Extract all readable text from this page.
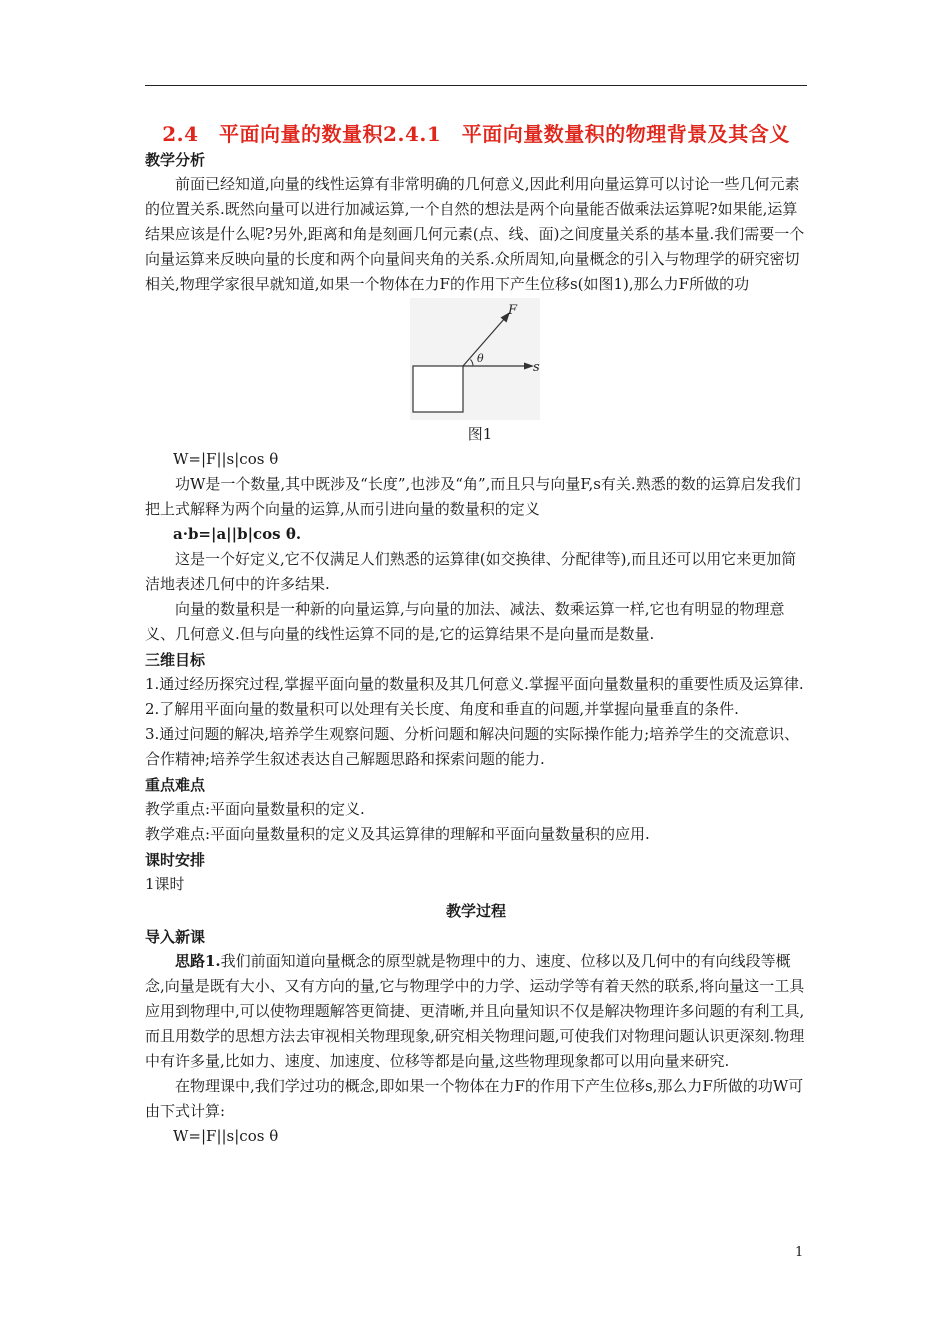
2.4　平面向量的数量积2.4.1　平面向量数量积的物理背景及其含义
教学分析

前面已经知道,向量的线性运算有非常明确的几何意义,因此利用向量运算可以讨论一些几何元素的位置关系.既然向量可以进行加减运算,一个自然的想法是两个向量能否做乘法运算呢?如果能,运算结果应该是什么呢?另外,距离和角是刻画几何元素(点、线、面)之间度量关系的基本量.我们需要一个向量运算来反映向量的长度和两个向量间夹角的关系.众所周知,向量概念的引入与物理学的研究密切相关,物理学家很早就知道,如果一个物体在力F的作用下产生位移s(如图1),那么力F所做的功

F
s
θ
图1

W=|F||s|cos θ

功W是一个数量,其中既涉及“长度”,也涉及“角”,而且只与向量F,s有关.熟悉的数的运算启发我们把上式解释为两个向量的运算,从而引进向量的数量积的定义

a·b=|a||b|cos θ.

这是一个好定义,它不仅满足人们熟悉的运算律(如交换律、分配律等),而且还可以用它来更加简洁地表述几何中的许多结果.

向量的数量积是一种新的向量运算,与向量的加法、减法、数乘运算一样,它也有明显的物理意义、几何意义.但与向量的线性运算不同的是,它的运算结果不是向量而是数量.

三维目标

1.通过经历探究过程,掌握平面向量的数量积及其几何意义.掌握平面向量数量积的重要性质及运算律.

2.了解用平面向量的数量积可以处理有关长度、角度和垂直的问题,并掌握向量垂直的条件.

3.通过问题的解决,培养学生观察问题、分析问题和解决问题的实际操作能力;培养学生的交流意识、合作精神;培养学生叙述表达自己解题思路和探索问题的能力.

重点难点

教学重点:平面向量数量积的定义.

教学难点:平面向量数量积的定义及其运算律的理解和平面向量数量积的应用.

课时安排

1课时

教学过程
导入新课

思路1.我们前面知道向量概念的原型就是物理中的力、速度、位移以及几何中的有向线段等概念,向量是既有大小、又有方向的量,它与物理学中的力学、运动学等有着天然的联系,将向量这一工具应用到物理中,可以使物理题解答更简捷、更清晰,并且向量知识不仅是解决物理许多问题的有利工具,而且用数学的思想方法去审视相关物理现象,研究相关物理问题,可使我们对物理问题认识更深刻.物理中有许多量,比如力、速度、加速度、位移等都是向量,这些物理现象都可以用向量来研究.

在物理课中,我们学过功的概念,即如果一个物体在力F的作用下产生位移s,那么力F所做的功W可由下式计算:

W=|F||s|cos θ

1
